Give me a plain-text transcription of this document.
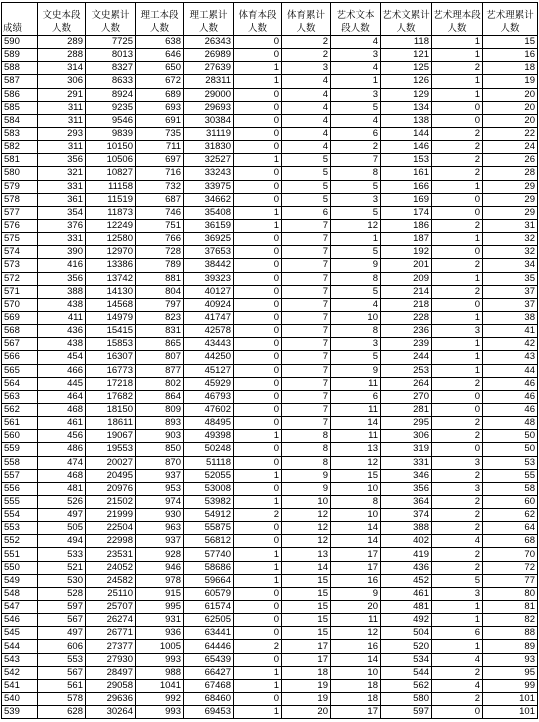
成绩	文史本段人数	文史累计人数	理工本段人数	理工累计人数	体育本段人数	体育累计人数	艺术文本段人数	艺术文累计人数	艺术理本段人数	艺术理累计人数
590	289	7725	638	26343	0	2	4	118	1	15
589	288	8013	646	26989	0	2	3	121	1	16
588	314	8327	650	27639	1	3	4	125	2	18
587	306	8633	672	28311	1	4	1	126	1	19
586	291	8924	689	29000	0	4	3	129	1	20
585	311	9235	693	29693	0	4	5	134	0	20
584	311	9546	691	30384	0	4	4	138	0	20
583	293	9839	735	31119	0	4	6	144	2	22
582	311	10150	711	31830	0	4	2	146	2	24
581	356	10506	697	32527	1	5	7	153	2	26
580	321	10827	716	33243	0	5	8	161	2	28
579	331	11158	732	33975	0	5	5	166	1	29
578	361	11519	687	34662	0	5	3	169	0	29
577	354	11873	746	35408	1	6	5	174	0	29
576	376	12249	751	36159	1	7	12	186	2	31
575	331	12580	766	36925	0	7	1	187	1	32
574	390	12970	728	37653	0	7	5	192	0	32
573	416	13386	789	38442	0	7	9	201	2	34
572	356	13742	881	39323	0	7	8	209	1	35
571	388	14130	804	40127	0	7	5	214	2	37
570	438	14568	797	40924	0	7	4	218	0	37
569	411	14979	823	41747	0	7	10	228	1	38
568	436	15415	831	42578	0	7	8	236	3	41
567	438	15853	865	43443	0	7	3	239	1	42
566	454	16307	807	44250	0	7	5	244	1	43
565	466	16773	877	45127	0	7	9	253	1	44
564	445	17218	802	45929	0	7	11	264	2	46
563	464	17682	864	46793	0	7	6	270	0	46
562	468	18150	809	47602	0	7	11	281	0	46
561	461	18611	893	48495	0	7	14	295	2	48
560	456	19067	903	49398	1	8	11	306	2	50
559	486	19553	850	50248	0	8	13	319	0	50
558	474	20027	870	51118	0	8	12	331	3	53
557	468	20495	937	52055	1	9	15	346	2	55
556	481	20976	953	53008	0	9	10	356	3	58
555	526	21502	974	53982	1	10	8	364	2	60
554	497	21999	930	54912	2	12	10	374	2	62
553	505	22504	963	55875	0	12	14	388	2	64
552	494	22998	937	56812	0	12	14	402	4	68
551	533	23531	928	57740	1	13	17	419	2	70
550	521	24052	946	58686	1	14	17	436	2	72
549	530	24582	978	59664	1	15	16	452	5	77
548	528	25110	915	60579	0	15	9	461	3	80
547	597	25707	995	61574	0	15	20	481	1	81
546	567	26274	931	62505	0	15	11	492	1	82
545	497	26771	936	63441	0	15	12	504	6	88
544	606	27377	1005	64446	2	17	16	520	1	89
543	553	27930	993	65439	0	17	14	534	4	93
542	567	28497	988	66427	1	18	10	544	2	95
541	561	29058	1041	67468	1	19	18	562	4	99
540	578	29636	992	68460	0	19	18	580	2	101
539	628	30264	993	69453	1	20	17	597	0	101
